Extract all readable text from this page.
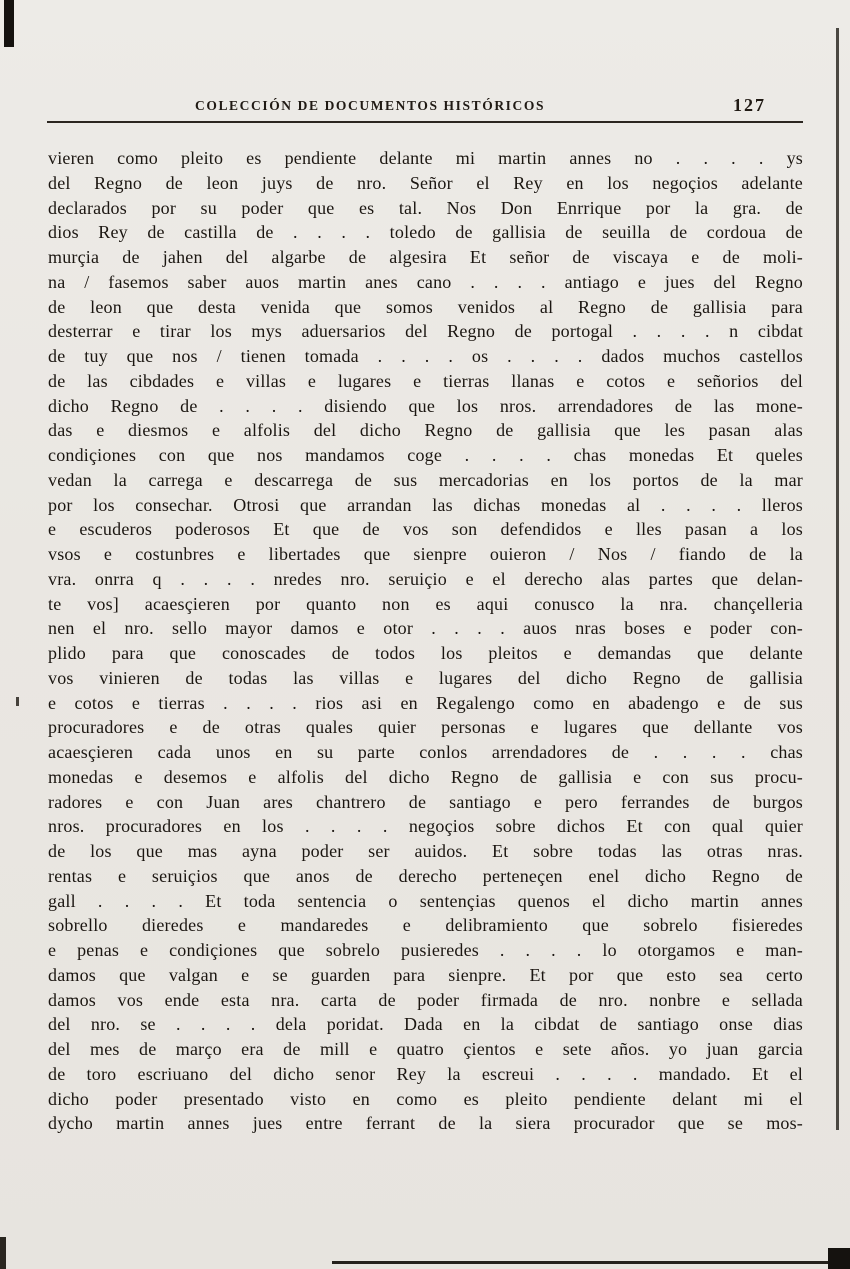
COLECCIÓN DE DOCUMENTOS HISTÓRICOS	127
vieren como pleito es pendiente delante mi martin annes no . . . . ys
del Regno de leon juys de nro. Señor el Rey en los negoçios adelante
declarados por su poder que es tal. Nos Don Enrrique por la gra. de
dios Rey de castilla de . . . . toledo de gallisia de seuilla de cordoua de
murçia de jahen del algarbe de algesira Et señor de viscaya e de moli-
na / fasemos saber auos martin anes cano . . . . antiago e jues del Regno
de leon que desta venida que somos venidos al Regno de gallisia para
desterrar e tirar los mys aduersarios del Regno de portogal . . . . n cibdat
de tuy que nos / tienen tomada . . . . os . . . . dados muchos castellos
de las cibdades e villas e lugares e tierras llanas e cotos e señorios del
dicho Regno de . . . . disiendo que los nros. arrendadores de las mone-
das e diesmos e alfolis del dicho Regno de gallisia que les pasan alas
condiçiones con que nos mandamos coge . . . . chas monedas Et queles
vedan la carrega e descarrega de sus mercadorias en los portos de la mar
por los consechar. Otrosi que arrandan las dichas monedas al . . . . lleros
e escuderos poderosos Et que de vos son defendidos e lles pasan a los
vsos e costunbres e libertades que sienpre ouieron / Nos / fiando de la
vra. onrra q . . . . nredes nro. seruiçio e el derecho alas partes que delan-
te vos] acaesçieren por quanto non es aqui conusco la nra. chançelleria
nen el nro. sello mayor damos e otor . . . . auos nras boses e poder con-
plido para que conoscades de todos los pleitos e demandas que delante
vos vinieren de todas las villas e lugares del dicho Regno de gallisia
e cotos e tierras . . . . rios asi en Regalengo como en abadengo e de sus
procuradores e de otras quales quier personas e lugares que dellante vos
acaesçieren cada unos en su parte conlos arrendadores de . . . . chas
monedas e desemos e alfolis del dicho Regno de gallisia e con sus procu-
radores e con Juan ares chantrero de santiago e pero ferrandes de burgos
nros. procuradores en los . . . . negoçios sobre dichos Et con qual quier
de los que mas ayna poder ser auidos. Et sobre todas las otras nras.
rentas e seruiçios que anos de derecho perteneçen enel dicho Regno de
gall . . . . Et toda sentencia o sentençias quenos el dicho martin annes
sobrello dieredes e mandaredes e delibramiento que sobrelo fisieredes
e penas e condiçiones que sobrelo pusieredes . . . . lo otorgamos e man-
damos que valgan e se guarden para sienpre. Et por que esto sea certo
damos vos ende esta nra. carta de poder firmada de nro. nonbre e sellada
del nro. se . . . . dela poridat. Dada en la cibdat de santiago onse dias
del mes de março era de mill e quatro çientos e sete años. yo juan garcia
de toro escriuano del dicho senor Rey la escreui . . . . mandado. Et el
dicho poder presentado visto en como es pleito pendiente delant mi el
dycho martin annes jues entre ferrant de la siera procurador que se mos-
